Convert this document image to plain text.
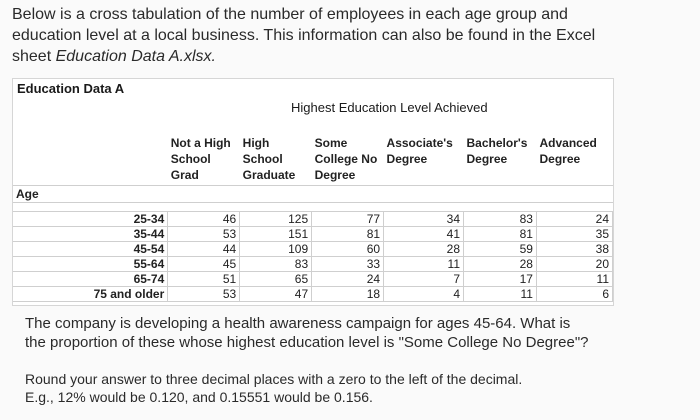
Below is a cross tabulation of the number of employees in each age group and
education level at a local business. This information can also be found in the Excel
sheet Education Data A.xlsx.
Education Data A
Highest Education Level Achieved
	Not a High School Grad	High School Graduate	Some College No Degree	Associate's Degree	Bachelor's Degree	Advanced Degree
Age						

25-34	46	125	77	34	83	24
35-44	53	151	81	41	81	35
45-54	44	109	60	28	59	38
55-64	45	83	33	11	28	20
65-74	51	65	24	7	17	11
75 and older	53	47	18	4	11	6
The company is developing a health awareness campaign for ages 45-64. What is
the proportion of these whose highest education level is "Some College No Degree"?
Round your answer to three decimal places with a zero to the left of the decimal.
E.g., 12% would be 0.120, and 0.15551 would be 0.156.
